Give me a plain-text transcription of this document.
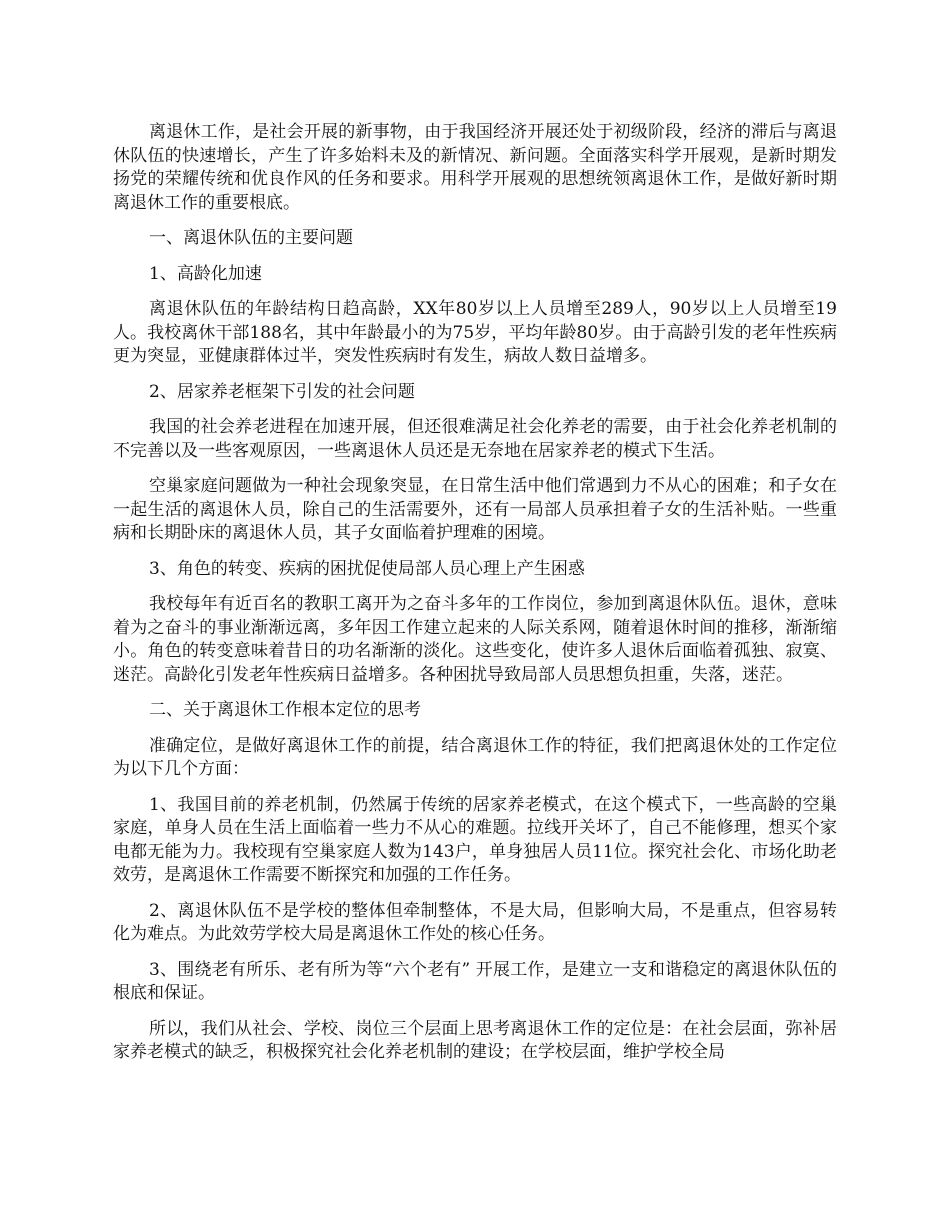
离退休工作，是社会开展的新事物，由于我国经济开展还处于初级阶段，经济的滞后与离退休队伍的快速增长，产生了许多始料未及的新情况、新问题。全面落实科学开展观，是新时期发扬党的荣耀传统和优良作风的任务和要求。用科学开展观的思想统领离退休工作，是做好新时期离退休工作的重要根底。

一、离退休队伍的主要问题

1、高龄化加速

离退休队伍的年龄结构日趋高龄，XX年80岁以上人员增至289人，90岁以上人员增至19人。我校离休干部188名，其中年龄最小的为75岁，平均年龄80岁。由于高龄引发的老年性疾病更为突显，亚健康群体过半，突发性疾病时有发生，病故人数日益增多。

2、居家养老框架下引发的社会问题

我国的社会养老进程在加速开展，但还很难满足社会化养老的需要，由于社会化养老机制的不完善以及一些客观原因，一些离退休人员还是无奈地在居家养老的模式下生活。

空巢家庭问题做为一种社会现象突显，在日常生活中他们常遇到力不从心的困难；和子女在一起生活的离退休人员，除自己的生活需要外，还有一局部人员承担着子女的生活补贴。一些重病和长期卧床的离退休人员，其子女面临着护理难的困境。

3、角色的转变、疾病的困扰促使局部人员心理上产生困惑

我校每年有近百名的教职工离开为之奋斗多年的工作岗位，参加到离退休队伍。退休，意味着为之奋斗的事业渐渐远离，多年因工作建立起来的人际关系网，随着退休时间的推移，渐渐缩小。角色的转变意味着昔日的功名渐渐的淡化。这些变化，使许多人退休后面临着孤独、寂寞、迷茫。高龄化引发老年性疾病日益增多。各种困扰导致局部人员思想负担重，失落，迷茫。

二、关于离退休工作根本定位的思考

准确定位，是做好离退休工作的前提，结合离退休工作的特征，我们把离退休处的工作定位为以下几个方面：

1、我国目前的养老机制，仍然属于传统的居家养老模式，在这个模式下，一些高龄的空巢家庭，单身人员在生活上面临着一些力不从心的难题。拉线开关坏了，自己不能修理，想买个家电都无能为力。我校现有空巢家庭人数为143户，单身独居人员11位。探究社会化、市场化助老效劳，是离退休工作需要不断探究和加强的工作任务。

2、离退休队伍不是学校的整体但牵制整体，不是大局，但影响大局，不是重点，但容易转化为难点。为此效劳学校大局是离退休工作处的核心任务。

3、围绕老有所乐、老有所为等“六个老有” 开展工作，是建立一支和谐稳定的离退休队伍的根底和保证。

所以，我们从社会、学校、岗位三个层面上思考离退休工作的定位是：在社会层面，弥补居家养老模式的缺乏，积极探究社会化养老机制的建设；在学校层面，维护学校全局
